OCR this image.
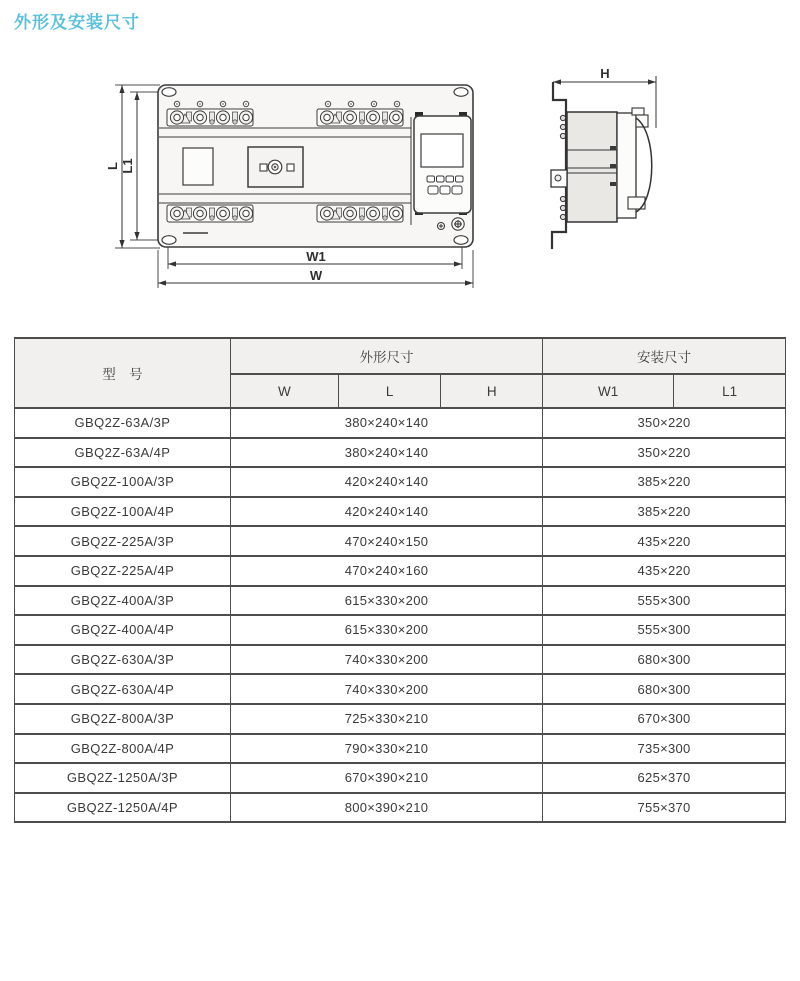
外形及安装尺寸
L L1
W1
W
H
型　号	外形尺寸			安装尺寸	
	W	L	H	W1	L1
GBQ2Z-63A/3P	380×240×140			350×220	
GBQ2Z-63A/4P	380×240×140			350×220	
GBQ2Z-100A/3P	420×240×140			385×220	
GBQ2Z-100A/4P	420×240×140			385×220	
GBQ2Z-225A/3P	470×240×150			435×220	
GBQ2Z-225A/4P	470×240×160			435×220	
GBQ2Z-400A/3P	615×330×200			555×300	
GBQ2Z-400A/4P	615×330×200			555×300	
GBQ2Z-630A/3P	740×330×200			680×300	
GBQ2Z-630A/4P	740×330×200			680×300	
GBQ2Z-800A/3P	725×330×210			670×300	
GBQ2Z-800A/4P	790×330×210			735×300	
GBQ2Z-1250A/3P	670×390×210			625×370	
GBQ2Z-1250A/4P	800×390×210			755×370	
